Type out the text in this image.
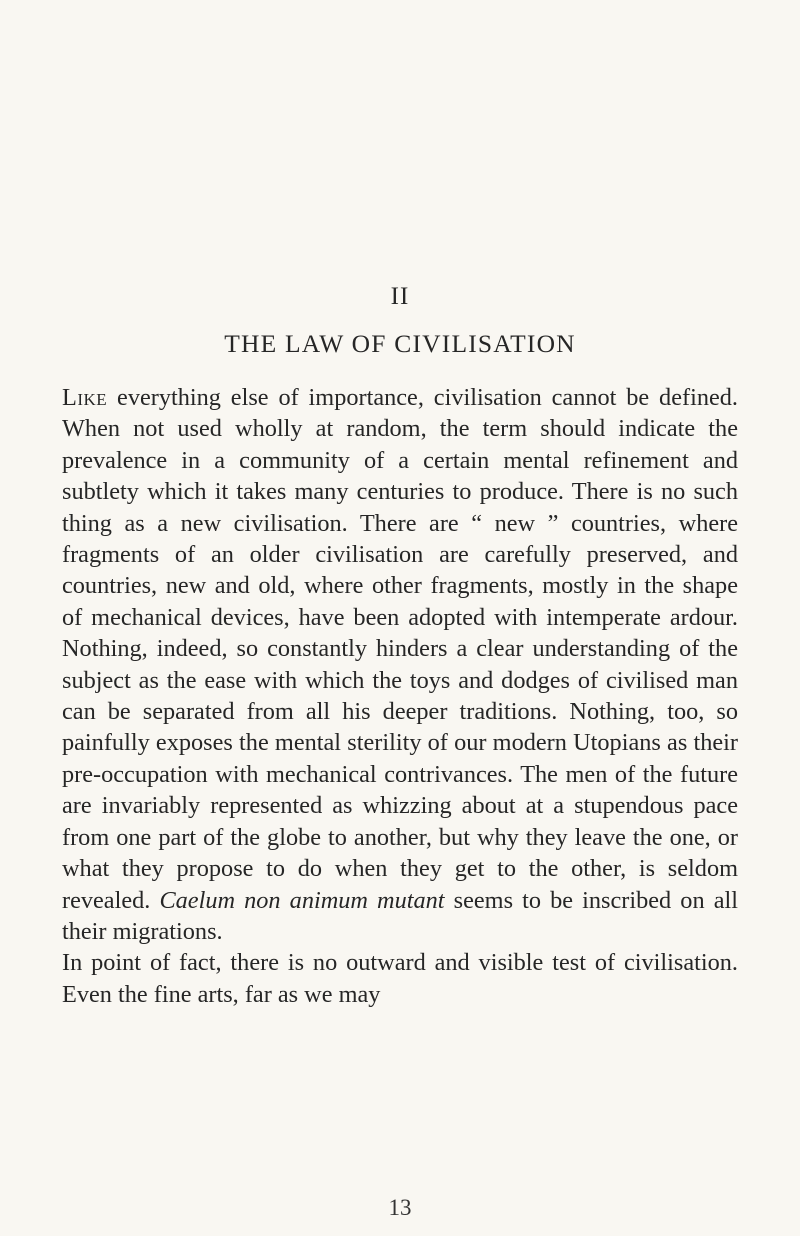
II
THE LAW OF CIVILISATION

Like everything else of importance, civilisation cannot be defined. When not used wholly at random, the term should indicate the prevalence in a community of a certain mental refinement and subtlety which it takes many centuries to produce. There is no such thing as a new civilisation. There are “ new ” countries, where fragments of an older civilisation are carefully preserved, and countries, new and old, where other fragments, mostly in the shape of mechanical devices, have been adopted with intemperate ardour. Nothing, indeed, so constantly hinders a clear understanding of the subject as the ease with which the toys and dodges of civilised man can be separated from all his deeper traditions. Nothing, too, so painfully exposes the mental sterility of our modern Utopians as their pre-occupation with mechanical contrivances. The men of the future are invariably represented as whizzing about at a stupendous pace from one part of the globe to another, but why they leave the one, or what they propose to do when they get to the other, is seldom revealed. Caelum non animum mutant seems to be inscribed on all their migrations.

In point of fact, there is no outward and visible test of civilisation. Even the fine arts, far as we may

13
